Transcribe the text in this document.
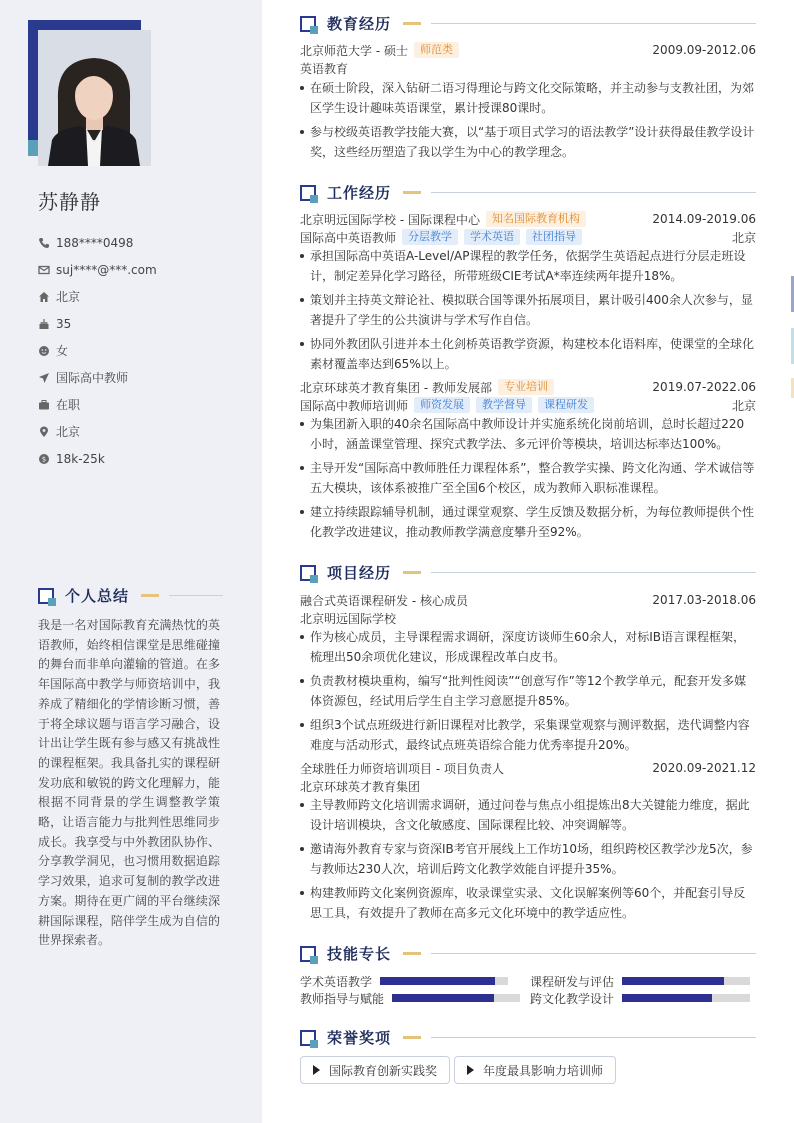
苏静静
188****0498
suj****@***.com
北京
35
女
国际高中教师
在职
北京
$ 18k-25k
个人总结
我是一名对国际教育充满热忱的英语教师，始终相信课堂是思维碰撞的舞台而非单向灌输的管道。在多年国际高中教学与师资培训中，我养成了精细化的学情诊断习惯，善于将全球议题与语言学习融合，设计出让学生既有参与感又有挑战性的课程框架。我具备扎实的课程研发功底和敏锐的跨文化理解力，能根据不同背景的学生调整教学策略，让语言能力与批判性思维同步成长。我享受与中外教团队协作、分享教学洞见，也习惯用数据追踪学习效果，追求可复制的教学改进方案。期待在更广阔的平台继续深耕国际课程，陪伴学生成为自信的世界探索者。
教育经历
北京师范大学 - 硕士	师范类	2009.09-2012.06
英语教育
在硕士阶段，深入钻研二语习得理论与跨文化交际策略，并主动参与支教社团，为郊区学生设计趣味英语课堂，累计授课80课时。
参与校级英语教学技能大赛，以“基于项目式学习的语法教学”设计获得最佳教学设计奖，这些经历塑造了我以学生为中心的教学理念。
工作经历
北京明远国际学校 - 国际课程中心	知名国际教育机构	2014.09-2019.06
国际高中英语教师	分层教学	学术英语	社团指导	北京
承担国际高中英语A-Level/AP课程的教学任务，依据学生英语起点进行分层走班设计，制定差异化学习路径，所带班级CIE考试A*率连续两年提升18%。
策划并主持英文辩论社、模拟联合国等课外拓展项目，累计吸引400余人次参与，显著提升了学生的公共演讲与学术写作自信。
协同外教团队引进并本土化剑桥英语教学资源，构建校本化语料库，使课堂的全球化素材覆盖率达到65%以上。
北京环球英才教育集团 - 教师发展部	专业培训	2019.07-2022.06
国际高中教师培训师	师资发展	教学督导	课程研发	北京
为集团新入职的40余名国际高中教师设计并实施系统化岗前培训，总时长超过220小时，涵盖课堂管理、探究式教学法、多元评价等模块，培训达标率达100%。
主导开发“国际高中教师胜任力课程体系”，整合教学实操、跨文化沟通、学术诚信等五大模块，该体系被推广至全国6个校区，成为教师入职标准课程。
建立持续跟踪辅导机制，通过课堂观察、学生反馈及数据分析，为每位教师提供个性化教学改进建议，推动教师教学满意度攀升至92%。
项目经历
融合式英语课程研发 - 核心成员	2017.03-2018.06
北京明远国际学校
作为核心成员，主导课程需求调研，深度访谈师生60余人，对标IB语言课程框架，梳理出50余项优化建议，形成课程改革白皮书。
负责教材模块重构，编写“批判性阅读”“创意写作”等12个教学单元，配套开发多媒体资源包，经试用后学生自主学习意愿提升85%。
组织3个试点班级进行新旧课程对比教学，采集课堂观察与测评数据，迭代调整内容难度与活动形式，最终试点班英语综合能力优秀率提升20%。
全球胜任力师资培训项目 - 项目负责人	2020.09-2021.12
北京环球英才教育集团
主导教师跨文化培训需求调研，通过问卷与焦点小组提炼出8大关键能力维度，据此设计培训模块，含文化敏感度、国际课程比较、冲突调解等。
邀请海外教育专家与资深IB考官开展线上工作坊10场，组织跨校区教学沙龙5次，参与教师达230人次，培训后跨文化教学效能自评提升35%。
构建教师跨文化案例资源库，收录课堂实录、文化误解案例等60个，并配套引导反思工具，有效提升了教师在高多元文化环境中的教学适应性。
技能专长
学术英语教学	课程研发与评估
教师指导与赋能	跨文化教学设计
荣誉奖项
国际教育创新实践奖	年度最具影响力培训师
